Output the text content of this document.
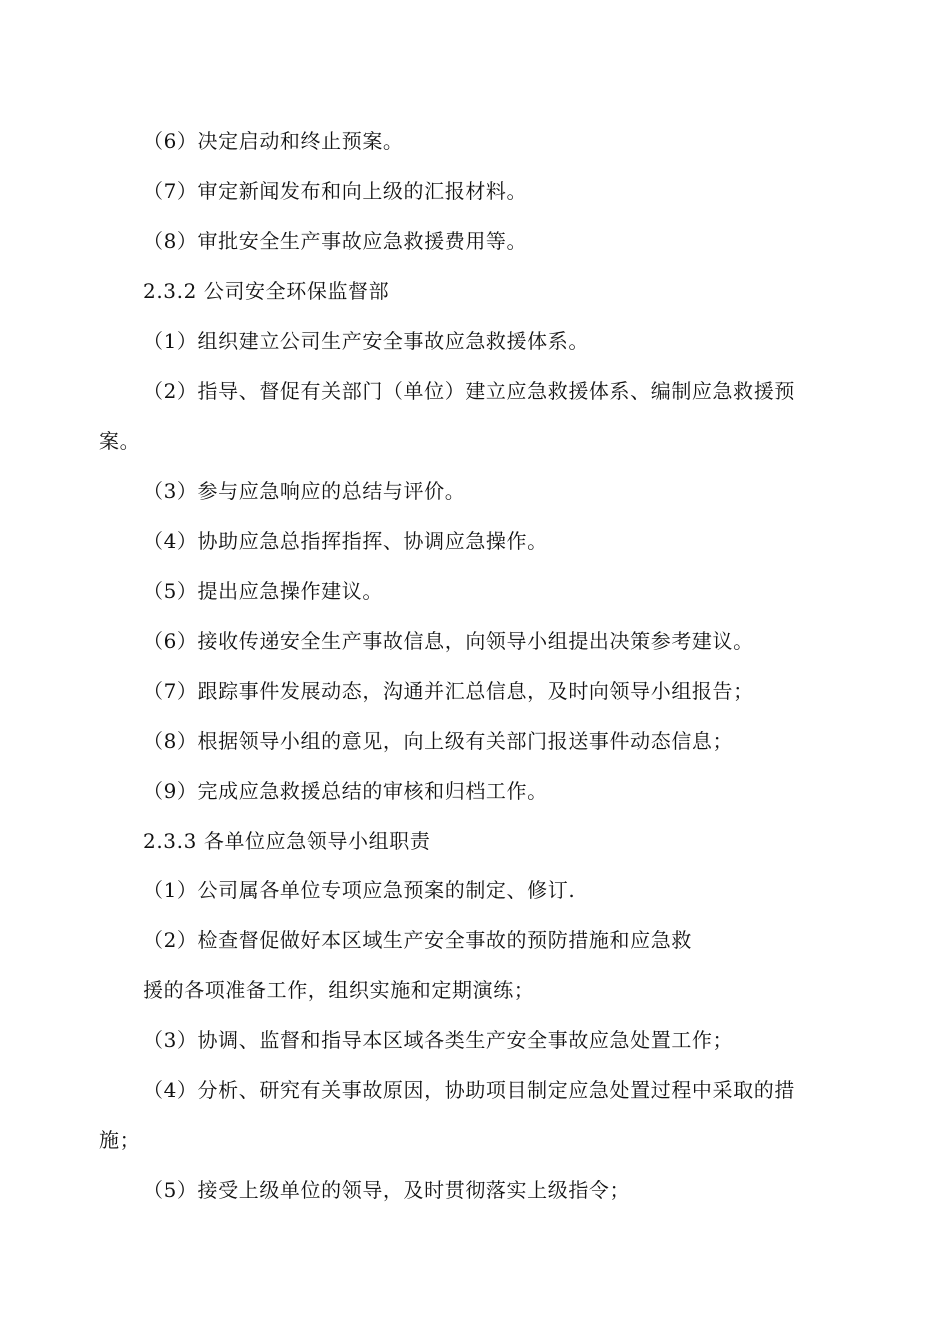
（6）决定启动和终止预案。
（7）审定新闻发布和向上级的汇报材料。
（8）审批安全生产事故应急救援费用等。
2.3.2 公司安全环保监督部
（1）组织建立公司生产安全事故应急救援体系。
（2）指导、督促有关部门（单位）建立应急救援体系、编制应急救援预
案。
（3）参与应急响应的总结与评价。
（4）协助应急总指挥指挥、协调应急操作。
（5）提出应急操作建议。
（6）接收传递安全生产事故信息，向领导小组提出决策参考建议。
（7）跟踪事件发展动态，沟通并汇总信息，及时向领导小组报告；
（8）根据领导小组的意见，向上级有关部门报送事件动态信息；
（9）完成应急救援总结的审核和归档工作。
2.3.3 各单位应急领导小组职责
（1）公司属各单位专项应急预案的制定、修订.
（2）检查督促做好本区域生产安全事故的预防措施和应急救
援的各项准备工作，组织实施和定期演练；
（3）协调、监督和指导本区域各类生产安全事故应急处置工作；
（4）分析、研究有关事故原因，协助项目制定应急处置过程中采取的措
施；
（5）接受上级单位的领导，及时贯彻落实上级指令；
